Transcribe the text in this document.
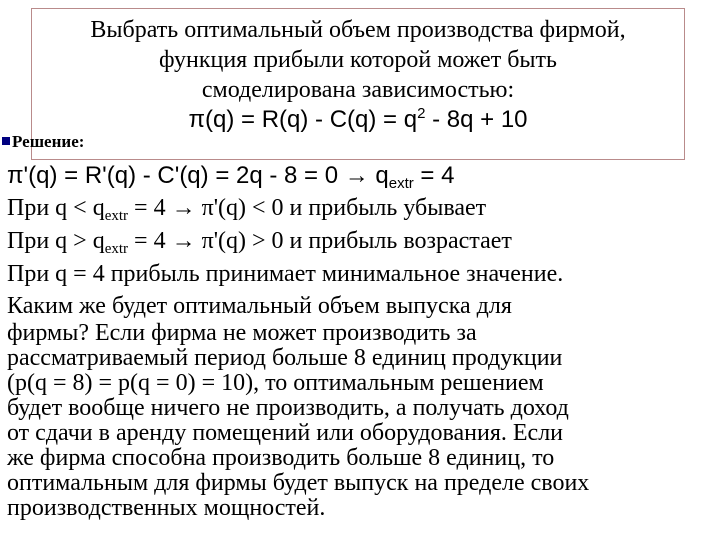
Выбрать оптимальный объем производства фирмой,
функция прибыли которой может быть
смоделирована зависимостью:
$\pi(q) = R(q) - C(q) = q^2 - 8q + 10$
Решение:
$\pi'(q) = R'(q) - C'(q) = 2q - 8 = 0 \to q_{extr} = 4$
При $q < q_{extr} = 4 \to \pi'(q) < 0$ и прибыль убывает
При $q > q_{extr} = 4 \to \pi'(q) > 0$ и прибыль возрастает
При q = 4 прибыль принимает минимальное значение.
Каким же будет оптимальный объем выпуска для
фирмы? Если фирма не может производить за
рассматриваемый период больше 8 единиц продукции
(р(q = 8) = р(q = 0) = 10), то оптимальным решением
будет вообще ничего не производить, а получать доход
от сдачи в аренду помещений или оборудования. Если
же фирма способна производить больше 8 единиц, то
оптимальным для фирмы будет выпуск на пределе своих
производственных мощностей.
